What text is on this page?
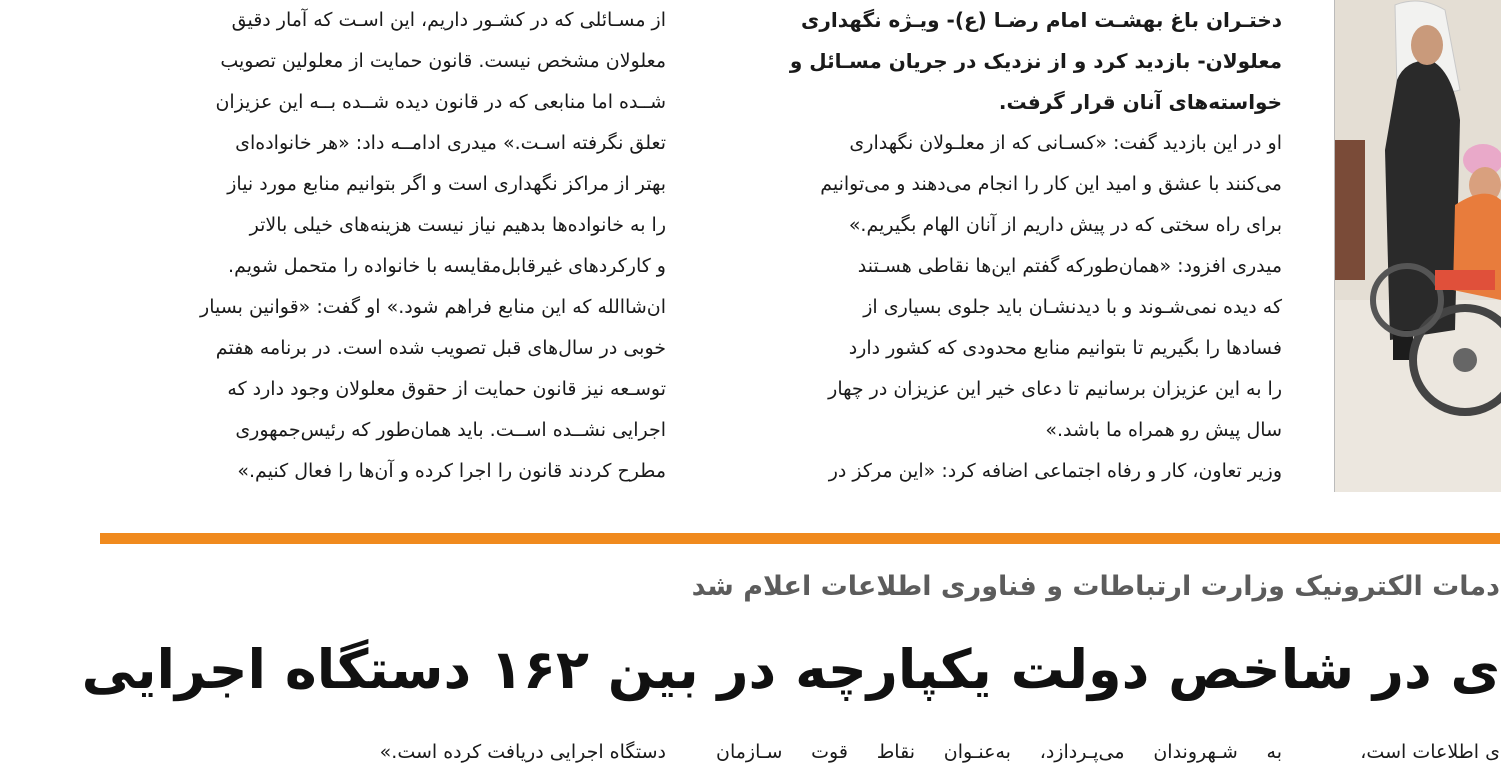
از مسـائلی که در کشـور داریم، این اسـت که آمار دقیق
معلولان مشخص نیست. قانون حمایت از معلولین تصویب
شــده اما منابعی که در قانون دیده شــده بــه این عزیزان
تعلق نگرفته اسـت.» میدری ادامــه داد: «هر خانواده‌ای
بهتر از مراکز نگهداری است و اگر بتوانیم منابع مورد نیاز
را به خانواده‌ها بدهیم نیاز نیست هزینه‌های خیلی بالاتر
و کارکردهای غیرقابل‌مقایسه با خانواده را متحمل شویم.
ان‌شاالله که این منابع فراهم شود.» او گفت: «قوانین بسیار
خوبی در سال‌های قبل تصویب شده است. در برنامه هفتم
توسـعه نیز قانون حمایت از حقوق معلولان وجود دارد که
اجرایی نشــده اســت. باید همان‌طور که رئیس‌جمهوری
مطرح کردند قانون را اجرا کرده و آن‌ها را فعال کنیم.»
دختـران باغ بهشـت امام رضـا (ع)- ویـژه نگهداری
معلولان- بازدید کرد و از نزدیک در جریان مسـائل و
خواسته‌های آنان قرار گرفت.
او در این بازدید گفت: «کسـانی که از معلـولان نگهداری
می‌کنند با عشق و امید این کار را انجام می‌دهند و می‌توانیم
برای راه سختی که در پیش داریم از آنان الهام بگیریم.»
میدری افزود: «همان‌طورکه گفتم این‌ها نقاطی هسـتند
که دیده نمی‌شـوند و با دیدنشـان باید جلوی بسیاری از
فسادها را بگیریم تا بتوانیم منابع محدودی که کشور دارد
را به این عزیزان برسانیم تا دعای خیر این عزیزان در چهار
سال پیش رو همراه ما باشد.»
وزیر تعاون، کار و رفاه اجتماعی اضافه کرد: «این مرکز در
دمات الکترونیک وزارت ارتباطات و فناوری اطلاعات اعلام شد
ی در شاخص دولت یکپارچه در بین ۱۶۲ دستگاه اجرایی
دستگاه اجرایی دریافت کرده است.»	به شـهروندان می‌پـردازد، به‌عنـوان نقاط قوت سـازمان	ی اطلاعات است،
